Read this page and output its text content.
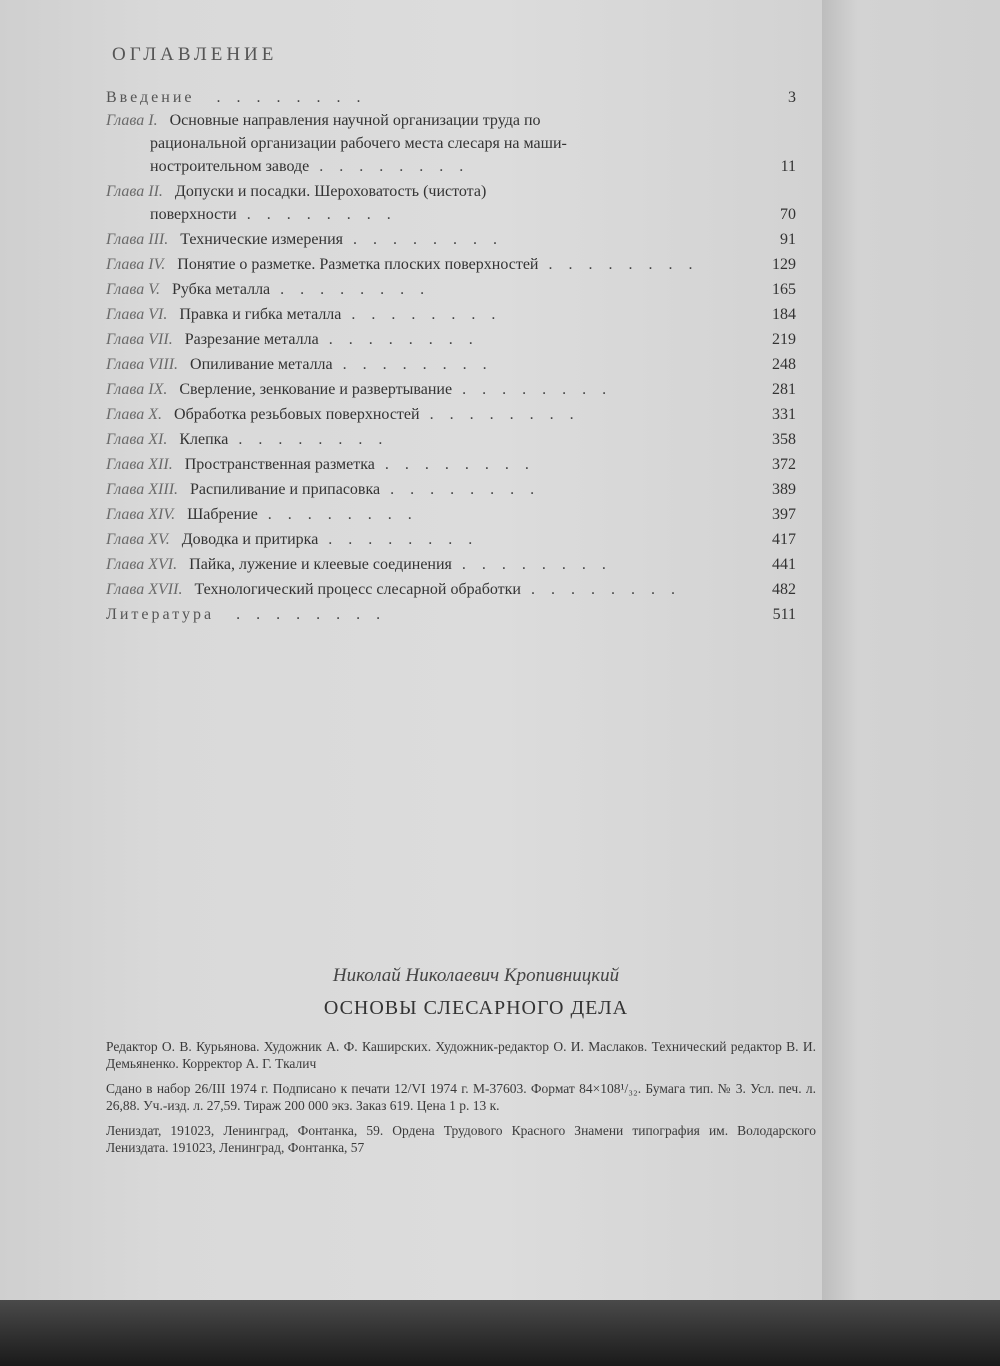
ОГЛАВЛЕНИЕ
Введение . . . . . . . .	3
Глава I. Основные направления научной организации труда по
рациональной организации рабочего места слесаря на маши-
ностроительном заводе . . . . . . . .	11
Глава II. Допуски и посадки. Шероховатость (чистота)
поверхности . . . . . . . .	70
Глава III. Технические измерения . . . . . . . .	91
Глава IV. Понятие о разметке. Разметка плоских поверхностей . . . . . . . .	129
Глава V. Рубка металла . . . . . . . .	165
Глава VI. Правка и гибка металла . . . . . . . .	184
Глава VII. Разрезание металла . . . . . . . .	219
Глава VIII. Опиливание металла . . . . . . . .	248
Глава IX. Сверление, зенкование и развертывание . . . . . . . .	281
Глава X. Обработка резьбовых поверхностей . . . . . . . .	331
Глава XI. Клепка . . . . . . . .	358
Глава XII. Пространственная разметка . . . . . . . .	372
Глава XIII. Распиливание и припасовка . . . . . . . .	389
Глава XIV. Шабрение . . . . . . . .	397
Глава XV. Доводка и притирка . . . . . . . .	417
Глава XVI. Пайка, лужение и клеевые соединения . . . . . . . .	441
Глава XVII. Технологический процесс слесарной обработки . . . . . . . .	482
Литература . . . . . . . .	511
Николай Николаевич Кропивницкий
ОСНОВЫ СЛЕСАРНОГО ДЕЛА

Редактор О. В. Курьянова. Художник А. Ф. Каширских. Художник-редактор О. И. Маслаков. Технический редактор В. И. Демьяненко. Корректор А. Г. Ткалич

Сдано в набор 26/III 1974 г. Подписано к печати 12/VI 1974 г. М-37603. Формат 84×108¹/₃₂. Бумага тип. № 3. Усл. печ. л. 26,88. Уч.-изд. л. 27,59. Тираж 200 000 экз. Заказ 619. Цена 1 р. 13 к.

Лениздат, 191023, Ленинград, Фонтанка, 59. Ордена Трудового Красного Знамени типография им. Володарского Лениздата. 191023, Ленинград, Фонтанка, 57
